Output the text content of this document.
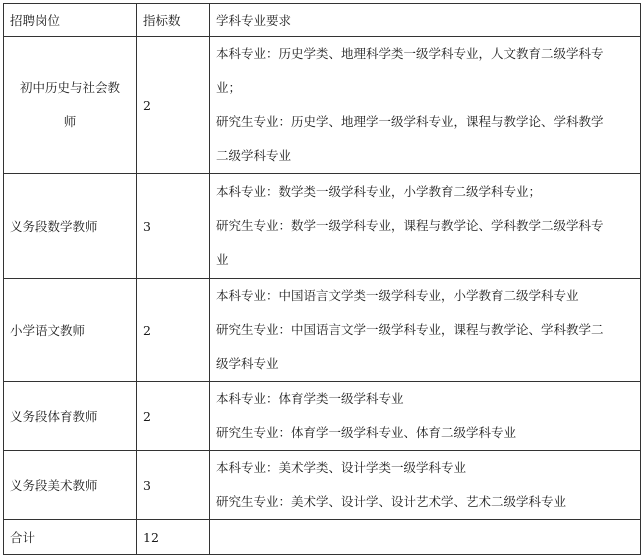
招聘岗位	指标数	学科专业要求
初中历史与社会教师	2	本科专业：历史学类、地理科学类一级学科专业，人文教育二级学科专
业；
研究生专业：历史学、地理学一级学科专业，课程与教学论、学科教学
二级学科专业

义务段数学教师	3	本科专业：数学类一级学科专业，小学教育二级学科专业；
研究生专业：数学一级学科专业，课程与教学论、学科教学二级学科专
业

小学语文教师	2	本科专业：中国语言文学类一级学科专业，小学教育二级学科专业
研究生专业：中国语言文学一级学科专业，课程与教学论、学科教学二
级学科专业

义务段体育教师	2	本科专业：体育学类一级学科专业
研究生专业：体育学一级学科专业、体育二级学科专业

义务段美术教师	3	本科专业：美术学类、设计学类一级学科专业
研究生专业：美术学、设计学、设计艺术学、艺术二级学科专业

合计	12	
